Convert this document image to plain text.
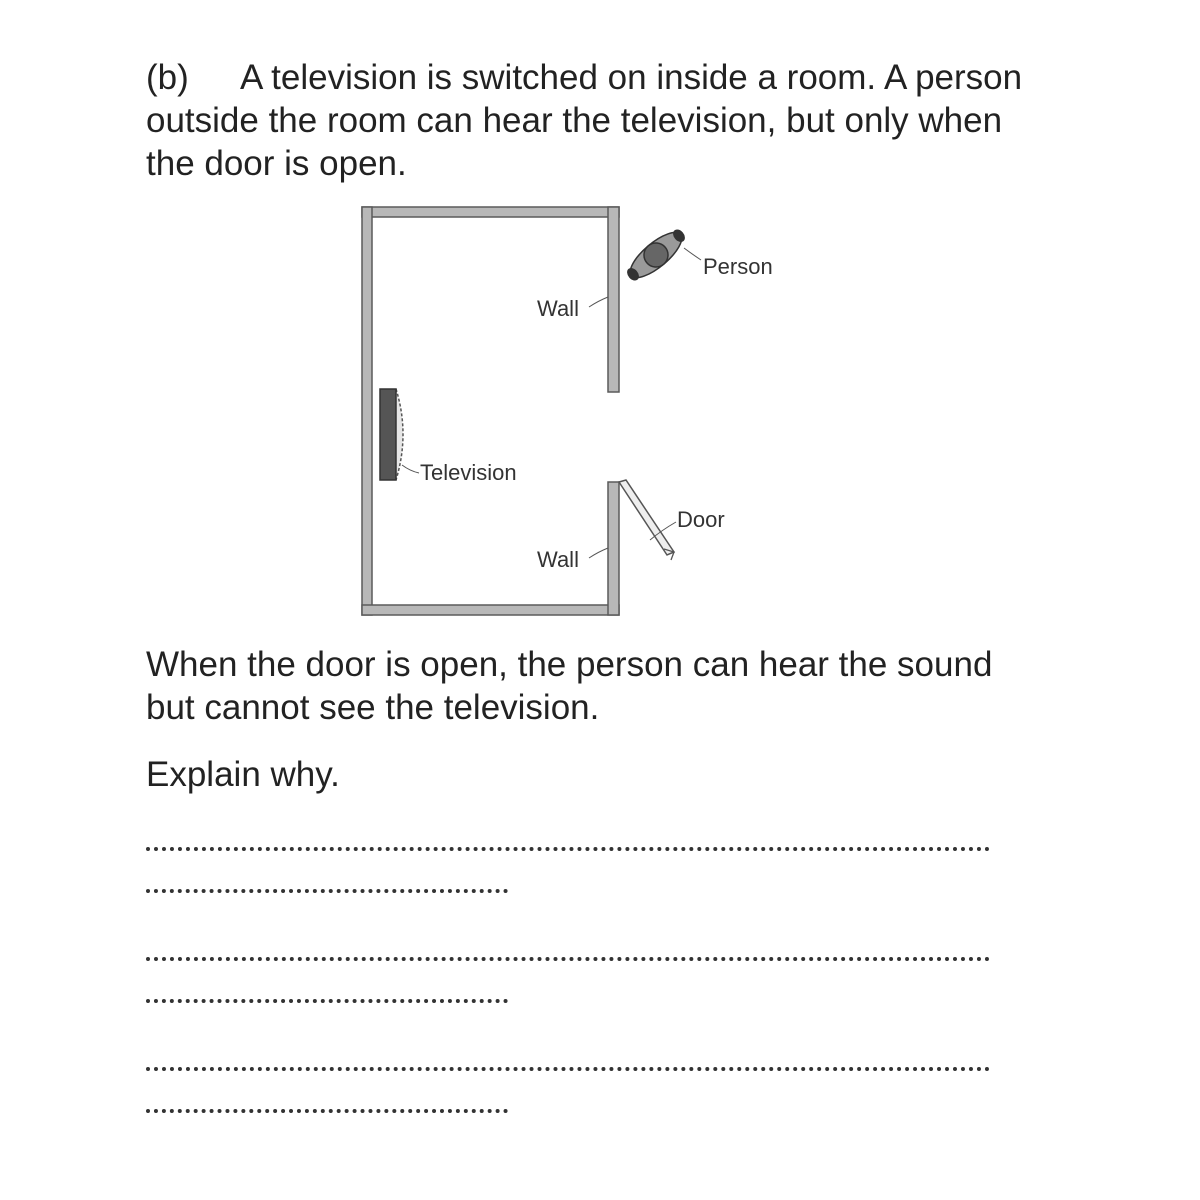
(b) A television is switched on inside a room. A person outside the room can hear the television, but only when the door is open.

Person
Wall
Television
Door
Wall

When the door is open, the person can hear the sound but cannot see the television.

Explain why.
